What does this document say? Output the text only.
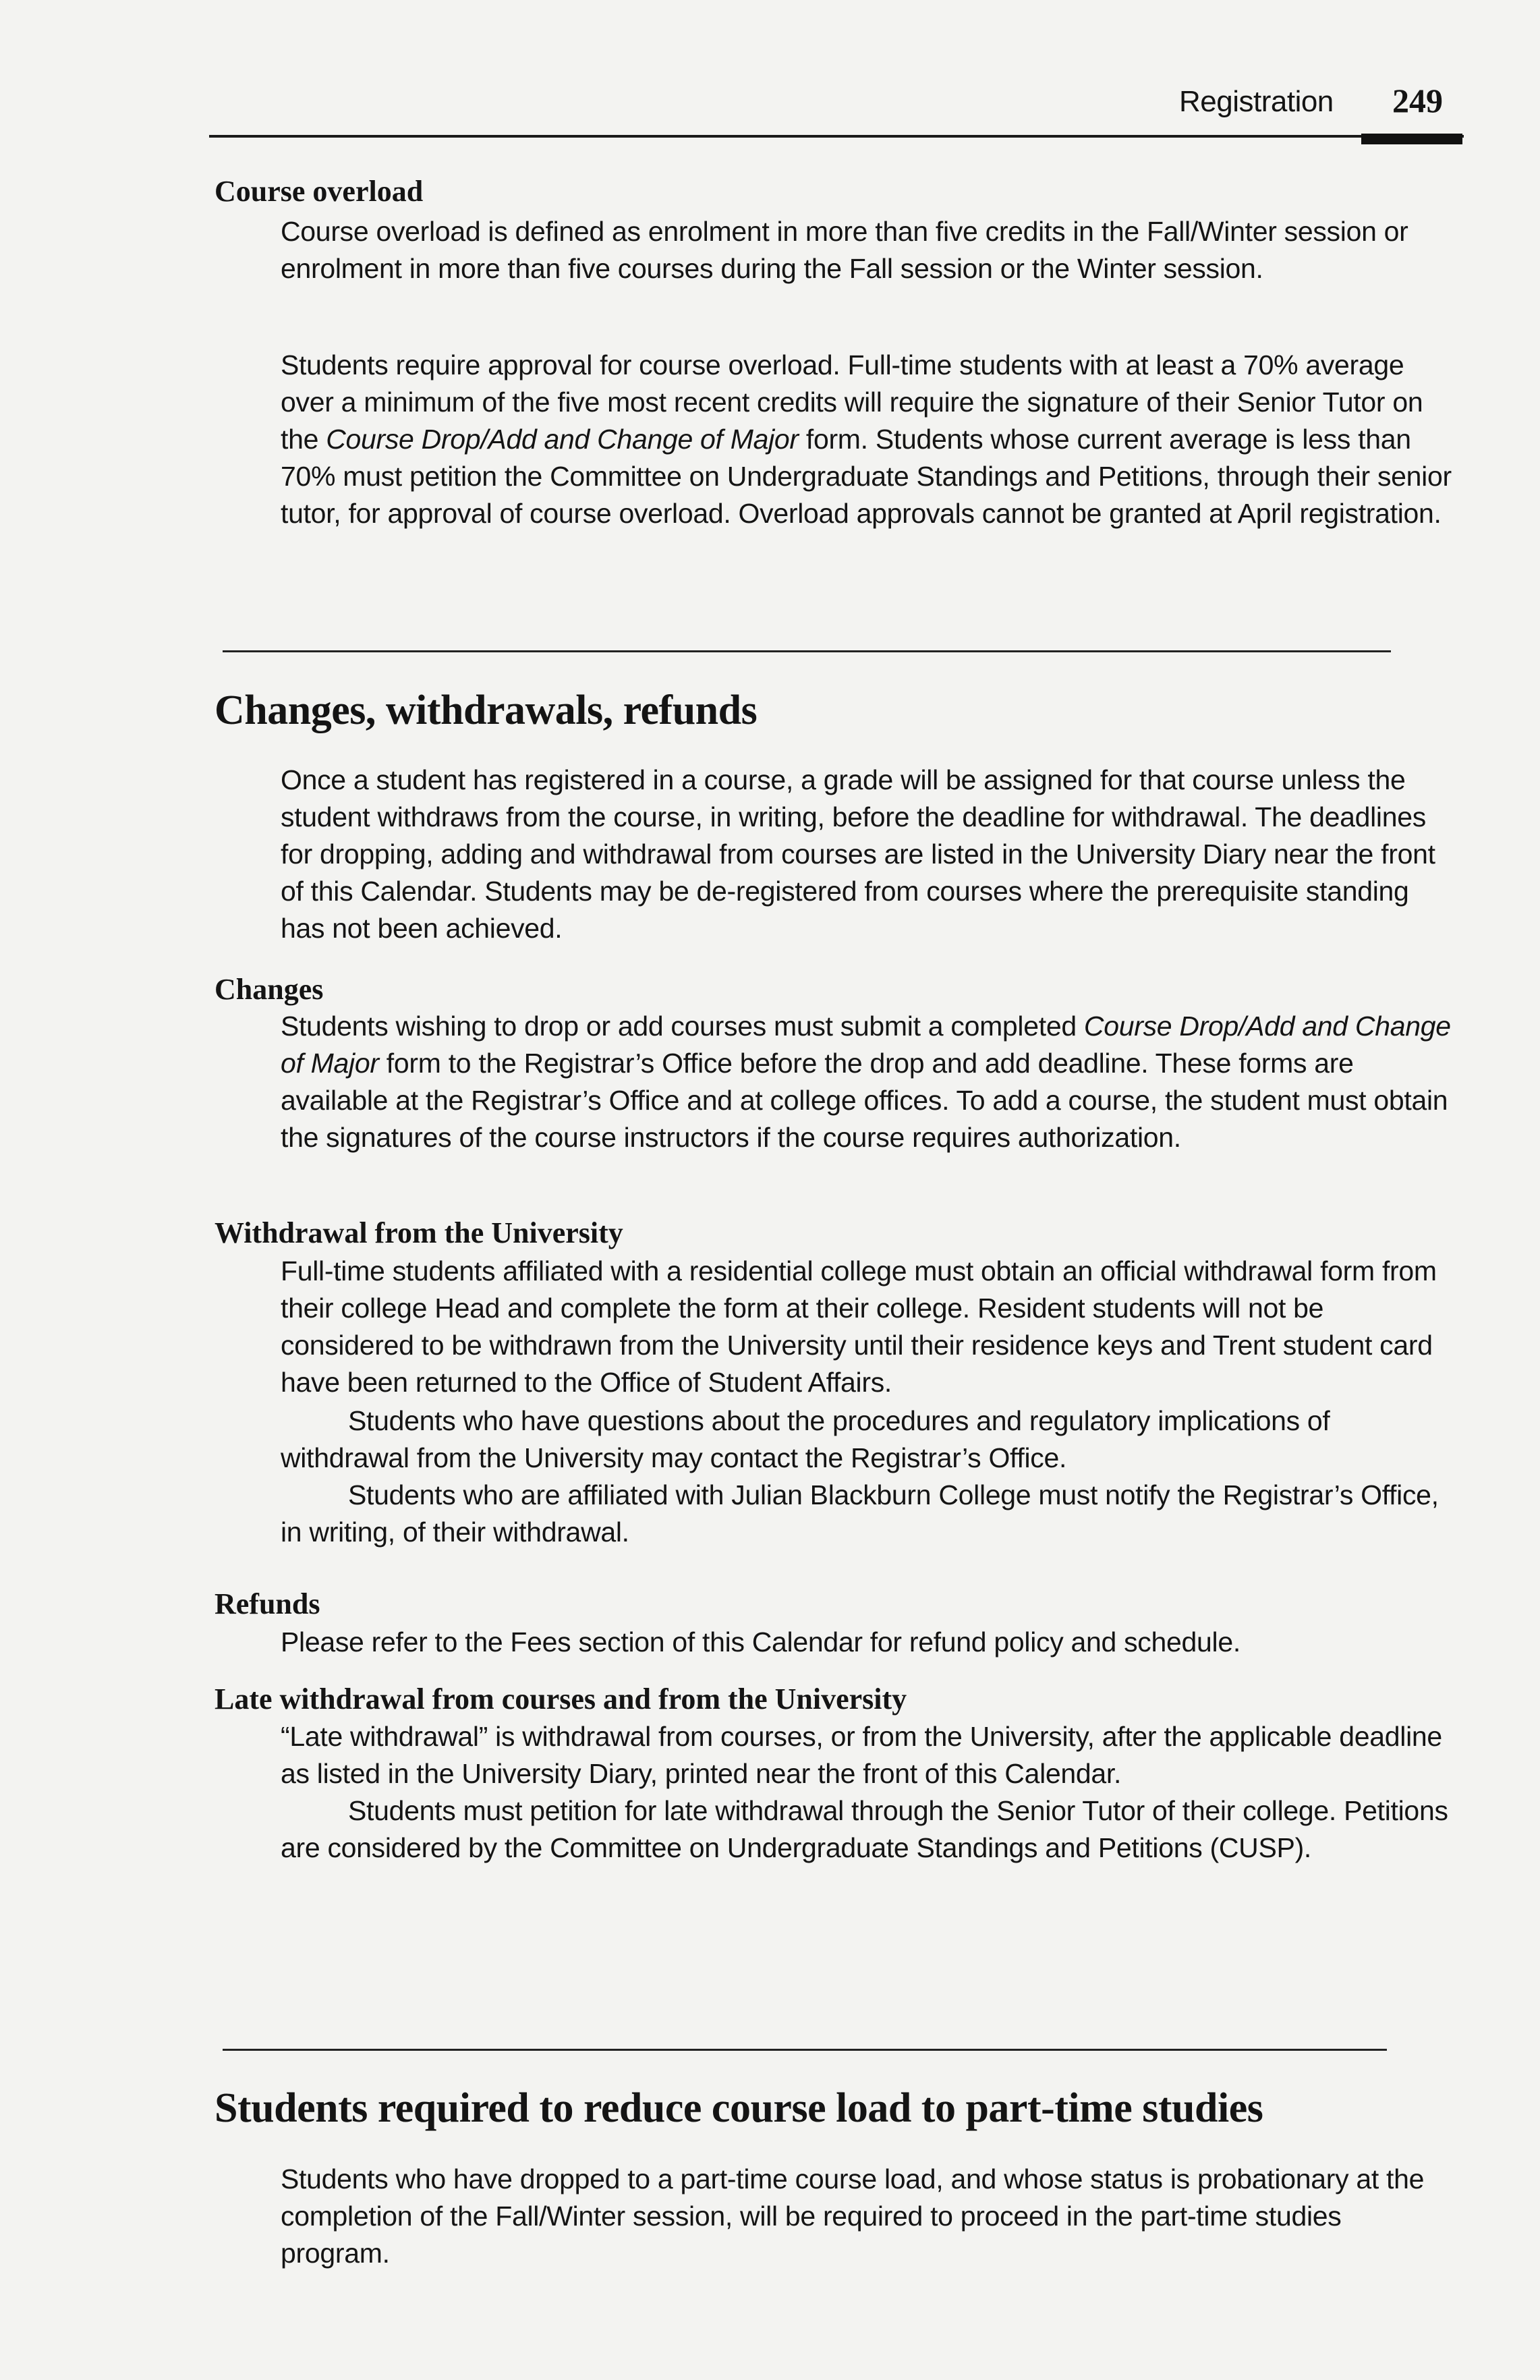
Registration 249
Course overload

Course overload is defined as enrolment in more than five credits in the Fall/Winter session or enrolment in more than five courses during the Fall session or the Winter session.

Students require approval for course overload. Full-time students with at least a 70% average over a minimum of the five most recent credits will require the signature of their Senior Tutor on the Course Drop/Add and Change of Major form. Students whose current average is less than 70% must petition the Committee on Undergraduate Standings and Petitions, through their senior tutor, for approval of course overload. Overload approvals cannot be granted at April registration.

Changes, withdrawals, refunds

Once a student has registered in a course, a grade will be assigned for that course unless the student withdraws from the course, in writing, before the deadline for withdrawal. The deadlines for dropping, adding and withdrawal from courses are listed in the University Diary near the front of this Calendar. Students may be de-registered from courses where the prerequisite standing has not been achieved.

Changes

Students wishing to drop or add courses must submit a completed Course Drop/Add and Change of Major form to the Registrar’s Office before the drop and add deadline. These forms are available at the Registrar’s Office and at college offices. To add a course, the student must obtain the signatures of the course instructors if the course requires authorization.

Withdrawal from the University

Full-time students affiliated with a residential college must obtain an official withdrawal form from their college Head and complete the form at their college. Resident students will not be considered to be withdrawn from the University until their residence keys and Trent student card have been returned to the Office of Student Affairs.

Students who have questions about the procedures and regulatory implications of withdrawal from the University may contact the Registrar’s Office.

Students who are affiliated with Julian Blackburn College must notify the Registrar’s Office, in writing, of their withdrawal.

Refunds

Please refer to the Fees section of this Calendar for refund policy and schedule.

Late withdrawal from courses and from the University

“Late withdrawal” is withdrawal from courses, or from the University, after the applicable deadline as listed in the University Diary, printed near the front of this Calendar.

Students must petition for late withdrawal through the Senior Tutor of their college. Petitions are considered by the Committee on Undergraduate Standings and Petitions (CUSP).

Students required to reduce course load to part-time studies

Students who have dropped to a part-time course load, and whose status is probationary at the completion of the Fall/Winter session, will be required to proceed in the part-time studies program.
